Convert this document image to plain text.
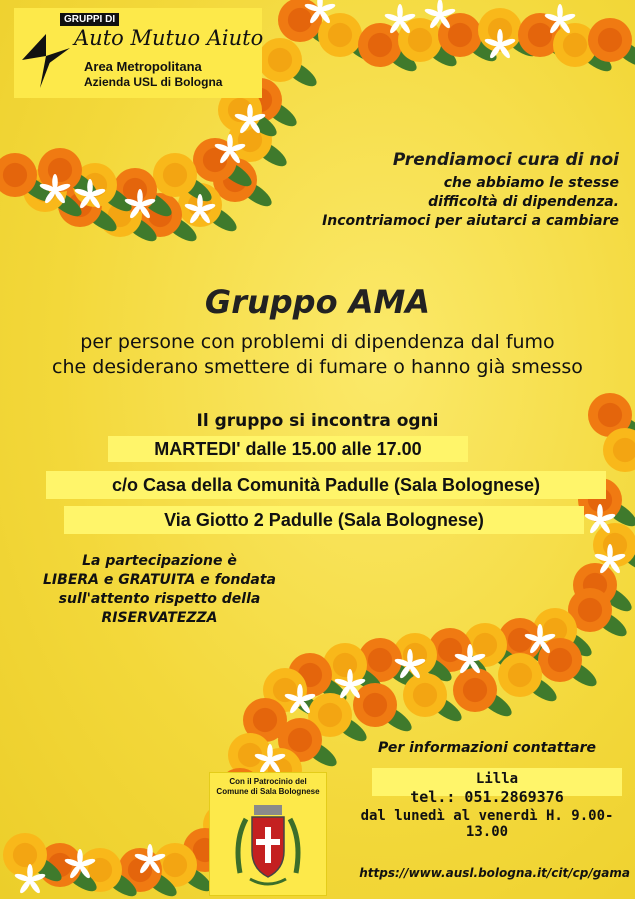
GRUPPI DI
Auto Mutuo Aiuto
Area Metropolitana
Azienda USL di Bologna
Prendiamoci cura di noi
che abbiamo le stesse
difficoltà di dipendenza.
Incontriamoci per aiutarci a cambiare
Gruppo AMA
per persone con problemi di dipendenza dal fumo
che desiderano smettere di fumare o hanno già smesso
Il gruppo si incontra ogni
MARTEDI' dalle 15.00 alle 17.00
c/o Casa della Comunità Padulle (Sala Bolognese)
Via Giotto 2 Padulle (Sala Bolognese)
La partecipazione è
LIBERA e GRATUITA e fondata
sull'attento rispetto della
RISERVATEZZA
Con il Patrocinio del
Comune di Sala Bolognese
Per informazioni contattare
Lilla
tel.: 051.2869376
dal lunedì al venerdì H. 9.00-13.00
https://www.ausl.bologna.it/cit/cp/gama
